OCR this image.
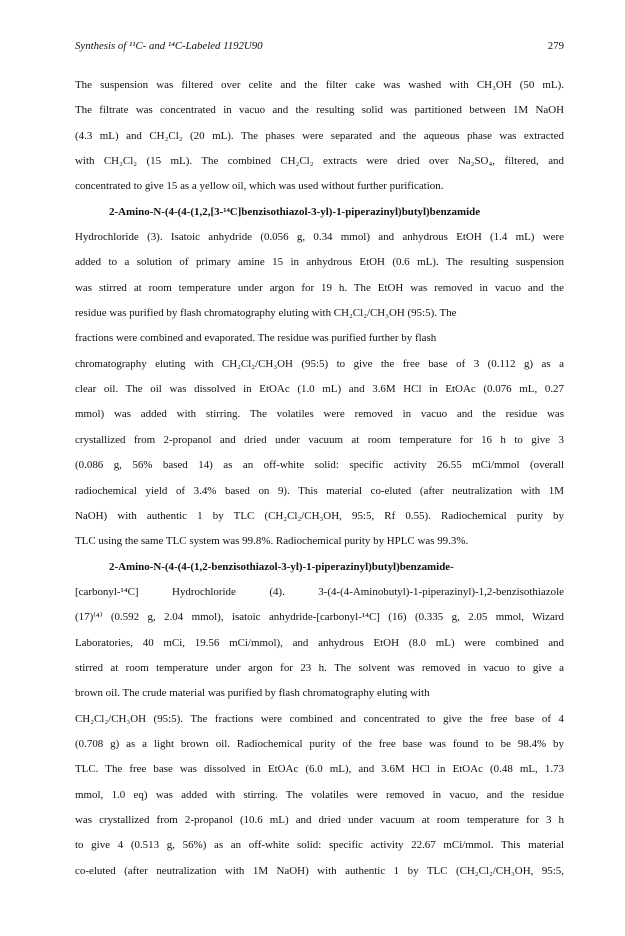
Synthesis of ¹¹C- and ¹⁴C-Labeled 1192U90	279
The suspension was filtered over celite and the filter cake was washed with CH₃OH (50 mL).
The filtrate was concentrated in vacuo and the resulting solid was partitioned between 1M NaOH
(4.3 mL) and CH₂Cl₂ (20 mL). The phases were separated and the aqueous phase was extracted
with CH₂Cl₂ (15 mL). The combined CH₂Cl₂ extracts were dried over Na₂SO₄, filtered, and
concentrated to give 15 as a yellow oil, which was used without further purification.
2-Amino-N-(4-(4-(1,2,[3-¹⁴C]benzisothiazol-3-yl)-1-piperazinyl)butyl)benzamide
Hydrochloride (3). Isatoic anhydride (0.056 g, 0.34 mmol) and anhydrous EtOH (1.4 mL) were
added to a solution of primary amine 15 in anhydrous EtOH (0.6 mL). The resulting suspension
was stirred at room temperature under argon for 19 h. The EtOH was removed in vacuo and the
residue was purified by flash chromatography eluting with CH₂Cl₂/CH₃OH (95:5). The
fractions were combined and evaporated. The residue was purified further by flash
chromatography eluting with CH₂Cl₂/CH₃OH (95:5) to give the free base of 3 (0.112 g) as a
clear oil. The oil was dissolved in EtOAc (1.0 mL) and 3.6M HCl in EtOAc (0.076 mL, 0.27
mmol) was added with stirring. The volatiles were removed in vacuo and the residue was
crystallized from 2-propanol and dried under vacuum at room temperature for 16 h to give 3
(0.086 g, 56% based 14) as an off-white solid: specific activity 26.55 mCi/mmol (overall
radiochemical yield of 3.4% based on 9). This material co-eluted (after neutralization with 1M
NaOH) with authentic 1 by TLC (CH₂Cl₂/CH₃OH, 95:5, Rf 0.55). Radiochemical purity by
TLC using the same TLC system was 99.8%. Radiochemical purity by HPLC was 99.3%.
2-Amino-N-(4-(4-(1,2-benzisothiazol-3-yl)-1-piperazinyl)butyl)benzamide-
[carbonyl-¹⁴C] Hydrochloride (4). 3-(4-(4-Aminobutyl)-1-piperazinyl)-1,2-benzisothiazole
(17)⁽⁴⁾ (0.592 g, 2.04 mmol), isatoic anhydride-[carbonyl-¹⁴C] (16) (0.335 g, 2.05 mmol, Wizard
Laboratories, 40 mCi, 19.56 mCi/mmol), and anhydrous EtOH (8.0 mL) were combined and
stirred at room temperature under argon for 23 h. The solvent was removed in vacuo to give a
brown oil. The crude material was purified by flash chromatography eluting with
CH₂Cl₂/CH₃OH (95:5). The fractions were combined and concentrated to give the free base of 4
(0.708 g) as a light brown oil. Radiochemical purity of the free base was found to be 98.4% by
TLC. The free base was dissolved in EtOAc (6.0 mL), and 3.6M HCl in EtOAc (0.48 mL, 1.73
mmol, 1.0 eq) was added with stirring. The volatiles were removed in vacuo, and the residue
was crystallized from 2-propanol (10.6 mL) and dried under vacuum at room temperature for 3 h
to give 4 (0.513 g, 56%) as an off-white solid: specific activity 22.67 mCi/mmol. This material
co-eluted (after neutralization with 1M NaOH) with authentic 1 by TLC (CH₂Cl₂/CH₃OH, 95:5,
